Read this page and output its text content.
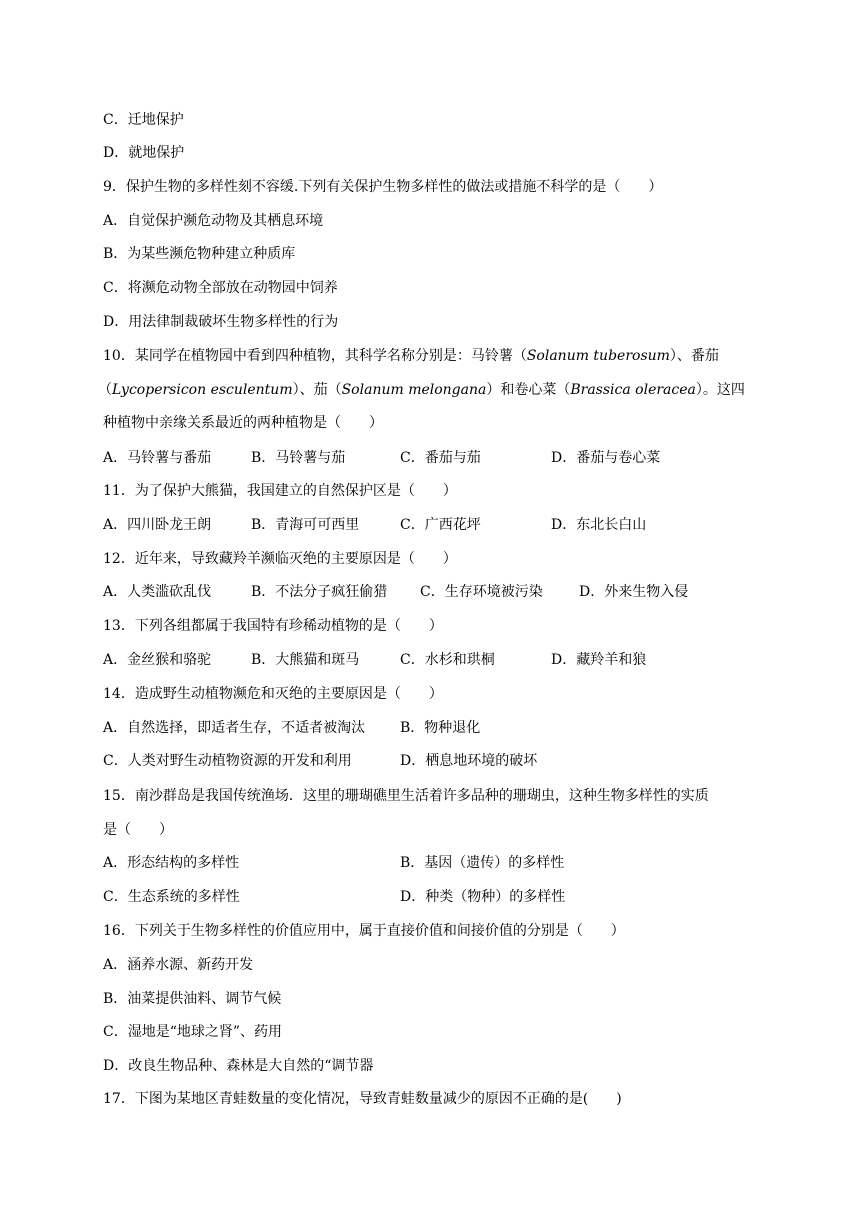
C．迁地保护
D．就地保护
9．保护生物的多样性刻不容缓.下列有关保护生物多样性的做法或措施不科学的是（　　）
A．自觉保护濒危动物及其栖息环境
B．为某些濒危物种建立种质库
C．将濒危动物全部放在动物园中饲养
D．用法律制裁破坏生物多样性的行为
10．某同学在植物园中看到四种植物，其科学名称分别是：马铃薯（Solanum tuberosum）、番茄
（Lycopersicon esculentum）、茄（Solanum melongana）和卷心菜（Brassica oleracea）。这四
种植物中亲缘关系最近的两种植物是（　　）
A．马铃薯与番茄	B．马铃薯与茄	C．番茄与茄	D．番茄与卷心菜
11．为了保护大熊猫，我国建立的自然保护区是（　　）
A．四川卧龙王朗	B．青海可可西里	C．广西花坪	D．东北长白山
12．近年来，导致藏羚羊濒临灭绝的主要原因是（　　）
A．人类滥砍乱伐	B．不法分子疯狂偷猎 C．生存环境被污染	D．外来生物入侵
13．下列各组都属于我国特有珍稀动植物的是（　　）
A．金丝猴和骆驼	B．大熊猫和斑马	C．水杉和珙桐	D．藏羚羊和狼
14．造成野生动植物濒危和灭绝的主要原因是（　　）
A．自然选择，即适者生存，不适者被淘汰 B．物种退化
C．人类对野生动植物资源的开发和利用	D．栖息地环境的破坏
15．南沙群岛是我国传统渔场．这里的珊瑚礁里生活着许多品种的珊瑚虫，这种生物多样性的实质
是（　　）
A．形态结构的多样性	B．基因（遗传）的多样性
C．生态系统的多样性	D．种类（物种）的多样性
16．下列关于生物多样性的价值应用中，属于直接价值和间接价值的分别是（　　）
A．涵养水源、新药开发
B．油菜提供油料、调节气候
C．湿地是“地球之肾”、药用
D．改良生物品种、森林是大自然的“调节器
17．下图为某地区青蛙数量的变化情况，导致青蛙数量减少的原因不正确的是(　　)
